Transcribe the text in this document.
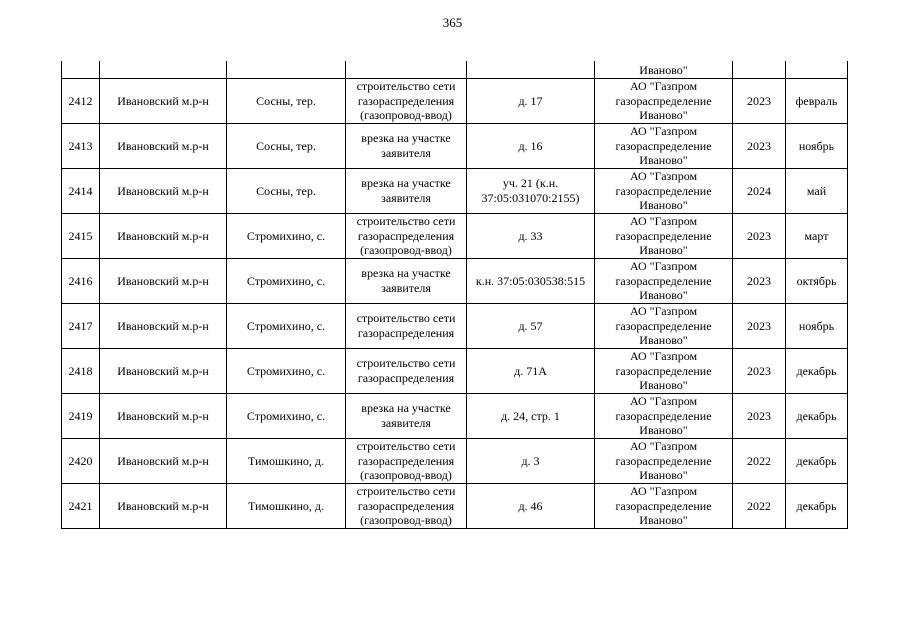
365
					Иваново"		
2412	Ивановский м.р-н	Сосны, тер.	строительство сети газораспределения (газопровод-ввод)	д. 17	АО "Газпром газораспределение Иваново"	2023	февраль
2413	Ивановский м.р-н	Сосны, тер.	врезка на участке заявителя	д. 16	АО "Газпром газораспределение Иваново"	2023	ноябрь
2414	Ивановский м.р-н	Сосны, тер.	врезка на участке заявителя	уч. 21 (к.н. 37:05:031070:2155)	АО "Газпром газораспределение Иваново"	2024	май
2415	Ивановский м.р-н	Стромихино, с.	строительство сети газораспределения (газопровод-ввод)	д. 33	АО "Газпром газораспределение Иваново"	2023	март
2416	Ивановский м.р-н	Стромихино, с.	врезка на участке заявителя	к.н. 37:05:030538:515	АО "Газпром газораспределение Иваново"	2023	октябрь
2417	Ивановский м.р-н	Стромихино, с.	строительство сети газораспределения	д. 57	АО "Газпром газораспределение Иваново"	2023	ноябрь
2418	Ивановский м.р-н	Стромихино, с.	строительство сети газораспределения	д. 71А	АО "Газпром газораспределение Иваново"	2023	декабрь
2419	Ивановский м.р-н	Стромихино, с.	врезка на участке заявителя	д. 24, стр. 1	АО "Газпром газораспределение Иваново"	2023	декабрь
2420	Ивановский м.р-н	Тимошкино, д.	строительство сети газораспределения (газопровод-ввод)	д. 3	АО "Газпром газораспределение Иваново"	2022	декабрь
2421	Ивановский м.р-н	Тимошкино, д.	строительство сети газораспределения (газопровод-ввод)	д. 46	АО "Газпром газораспределение Иваново"	2022	декабрь
